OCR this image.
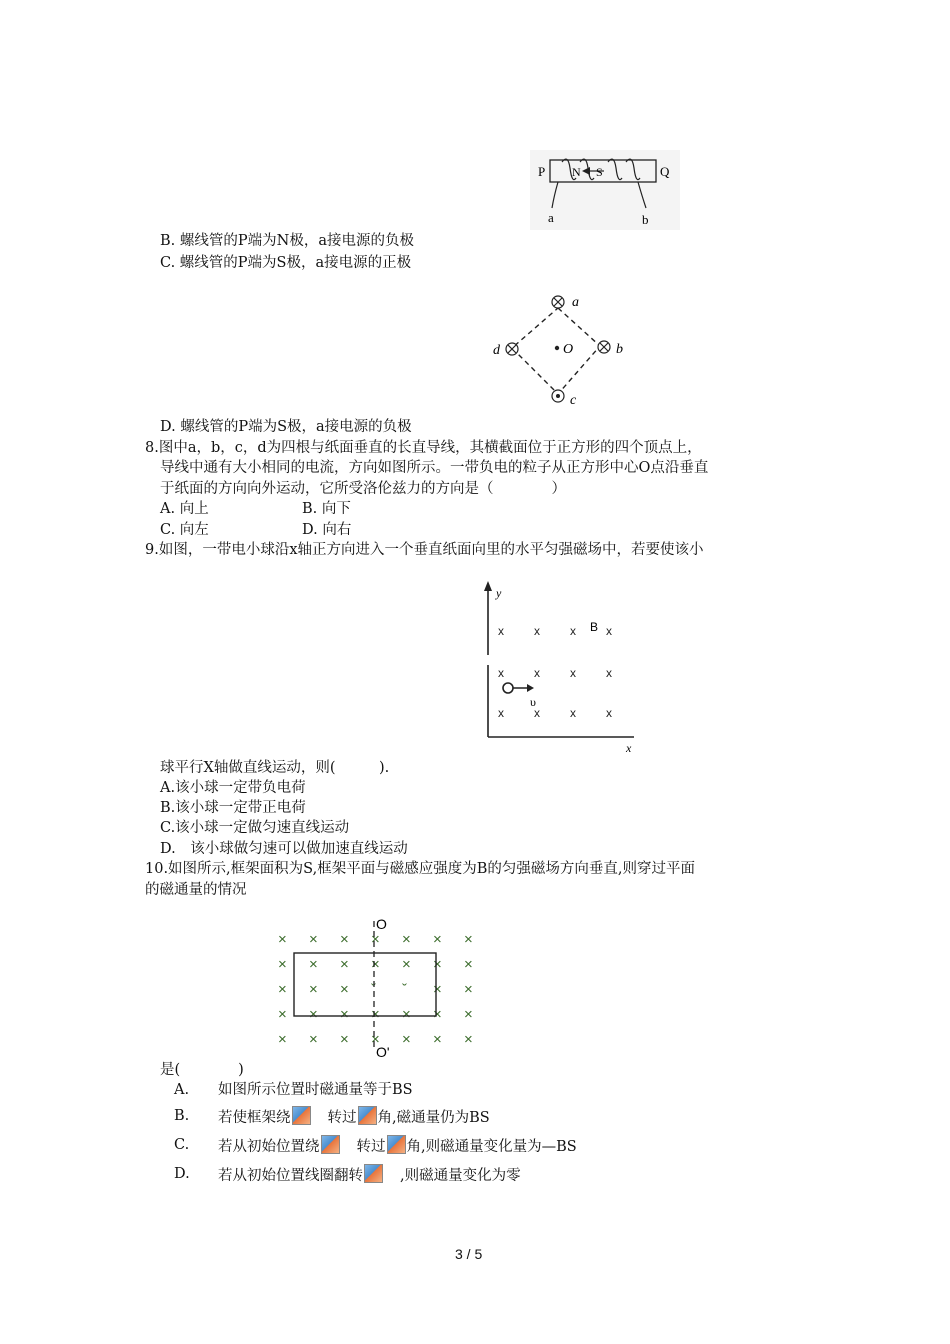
P	Q
N S
a	b
B. 螺线管的P端为N极，a接电源的负极
C. 螺线管的P端为S极，a接电源的正极
a
b
c
d	O
D. 螺线管的P端为S极，a接电源的负极
8.图中a，b，c，d为四根与纸面垂直的长直导线，其横截面位于正方形的四个顶点上，
导线中通有大小相同的电流，方向如图所示。一带负电的粒子从正方形中心O点沿垂直
于纸面的方向向外运动，它所受洛伦兹力的方向是（　　　　）
A. 向上	B. 向下
C. 向左	D. 向右
9.如图，一带电小球沿x轴正方向进入一个垂直纸面向里的水平匀强磁场中，若要使该小
y
x
B
x	x	x	x
x	x	x	x
x	x	x	x
υ
球平行X轴做直线运动，则(　　　).
A.该小球一定带负电荷
B.该小球一定带正电荷
C.该小球一定做匀速直线运动
D.　该小球做匀速可以做加速直线运动
10.如图所示,框架面积为S,框架平面与磁感应强度为B的匀强磁场方向垂直,则穿过平面
的磁通量的情况
× × × × × × ×
× × × × × × ×
× × × ˇ ˇ × ×
× × × × × × ×
× × × × × × ×
O
O'
是(　　　　)
A. 如图所示位置时磁通量等于BS
B. 若使框架绕	转过 角,磁通量仍为BS
C. 若从初始位置绕	转过 角,则磁通量变化量为—BS
D. 若从初始位置线圈翻转	,则磁通量变化为零
3 / 5
